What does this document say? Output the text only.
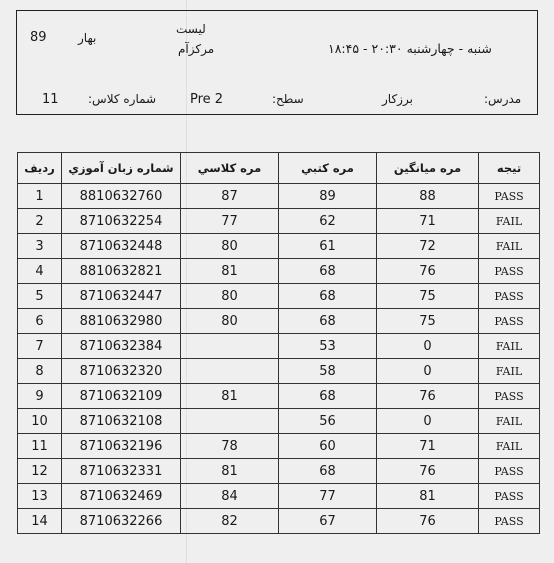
89	بهار
لیست
مرکزآم	شنبه - چهارشنبه ۲۰:۳۰ - ۱۸:۴۵
11 شماره کلاس:	Pre 2	سطح:	برزکار	مدرس:
ردیف	شماره زبان آموزي	مره کلاسي	مره کتبي	مره میانگین	تیجه
1	8810632760	87	89	88	PASS
2	8710632254	77	62	71	FAIL
3	8710632448	80	61	72	FAIL
4	8810632821	81	68	76	PASS
5	8710632447	80	68	75	PASS
6	8810632980	80	68	75	PASS
7	8710632384		53	0	FAIL
8	8710632320		58	0	FAIL
9	8710632109	81	68	76	PASS
10	8710632108		56	0	FAIL
11	8710632196	78	60	71	FAIL
12	8710632331	81	68	76	PASS
13	8710632469	84	77	81	PASS
14	8710632266	82	67	76	PASS
